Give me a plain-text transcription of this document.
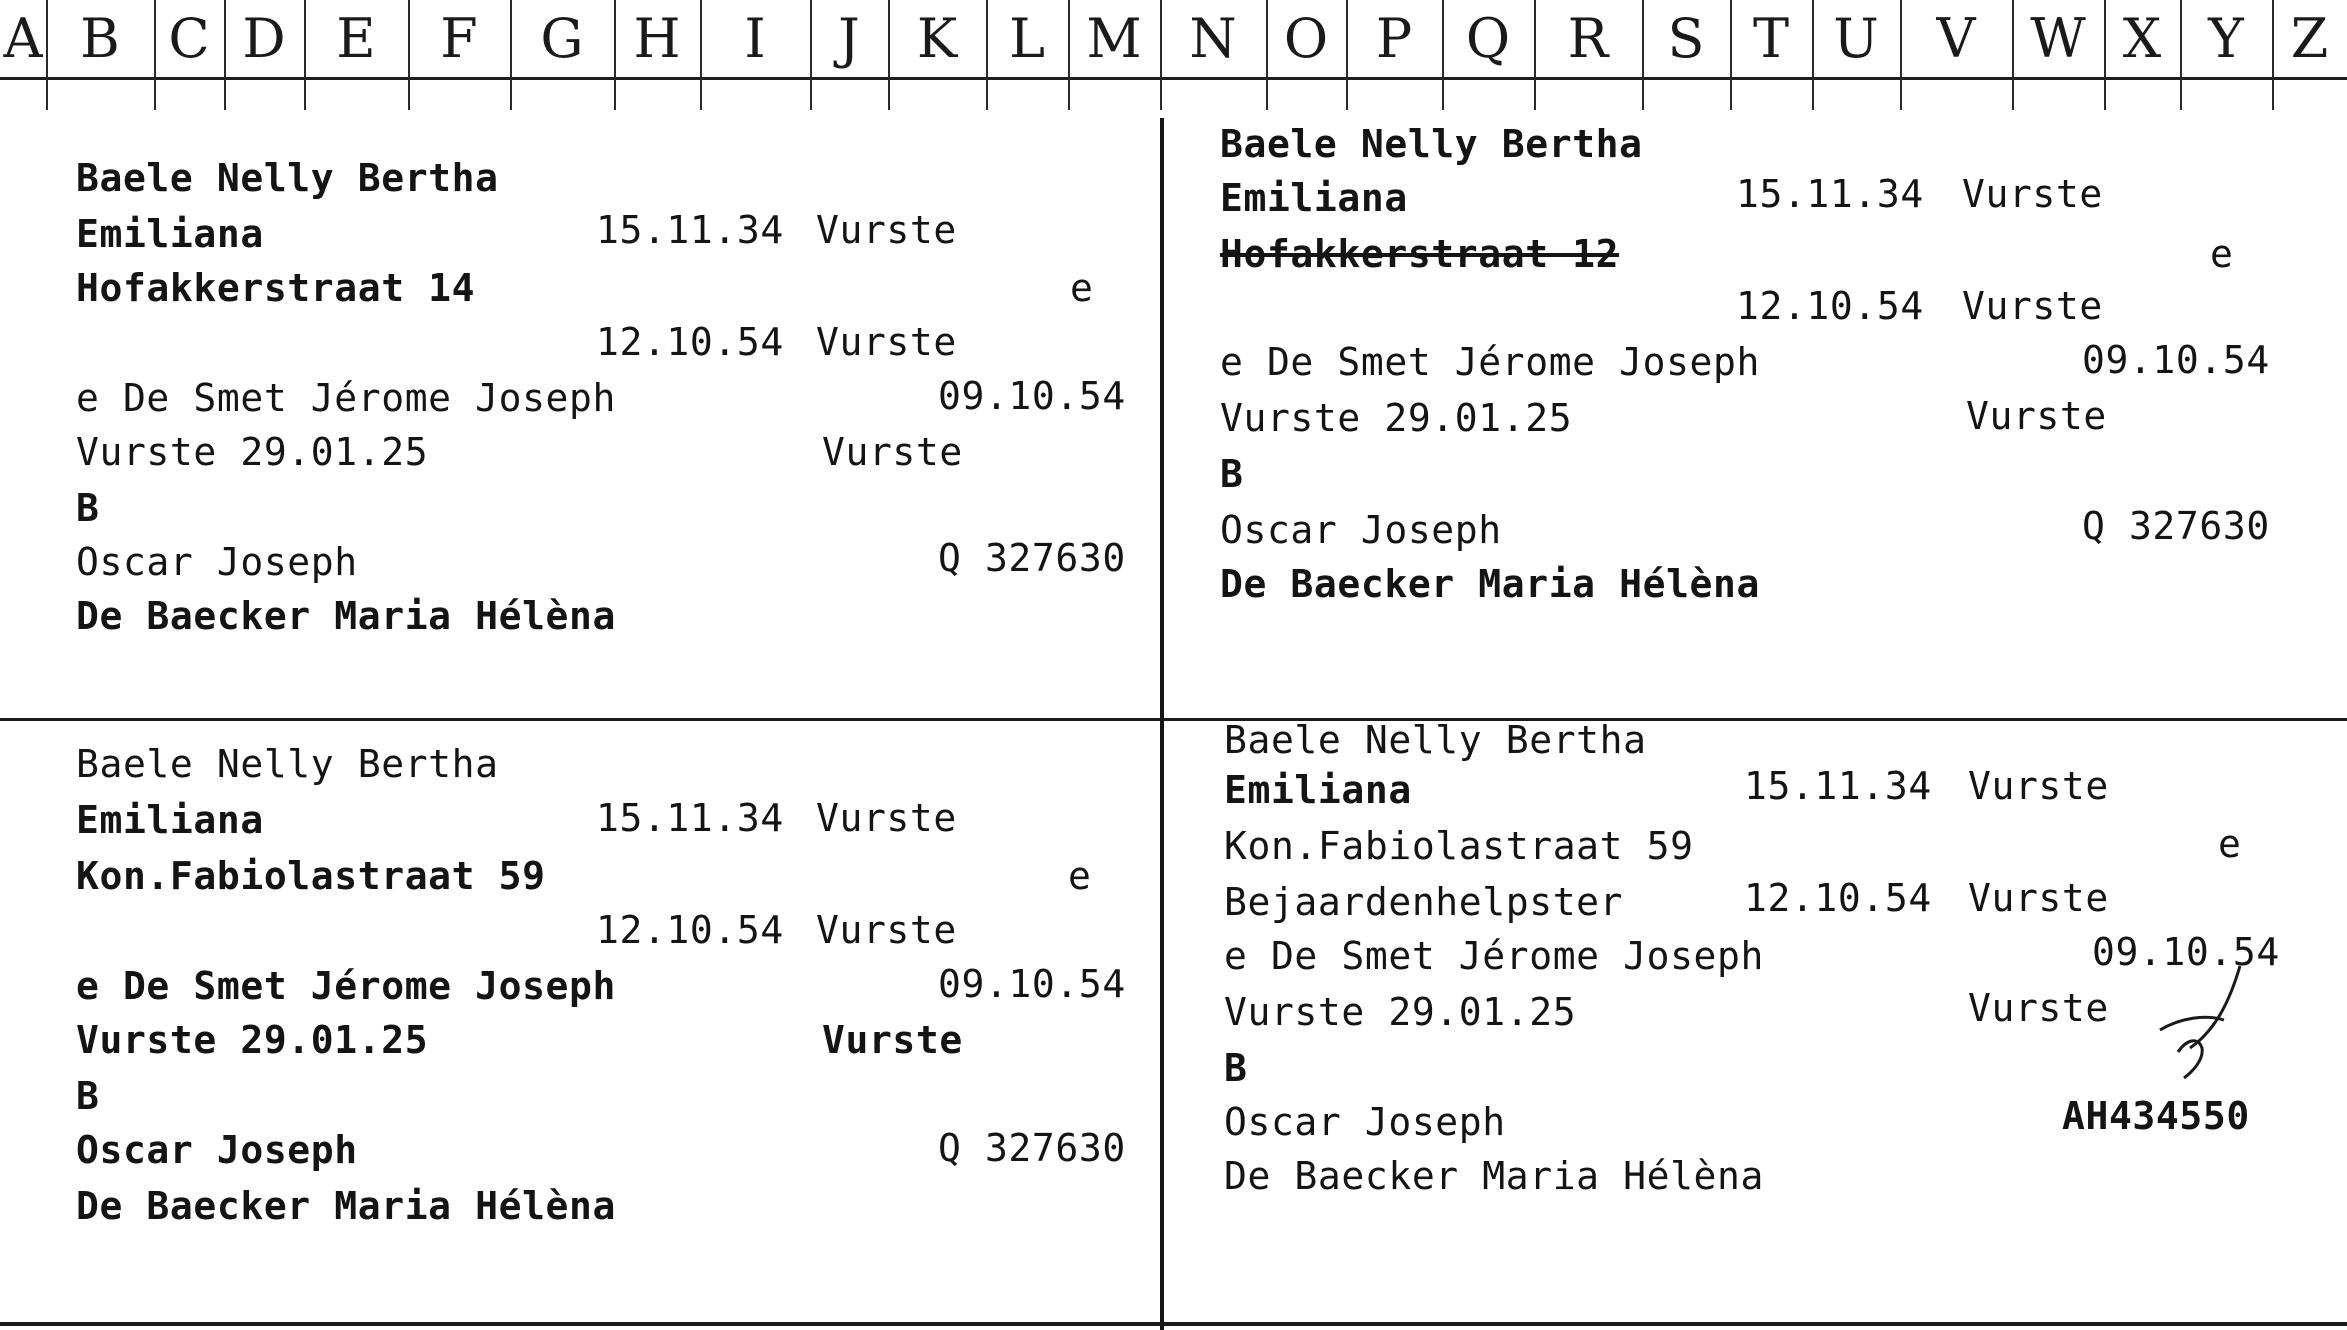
A B C D E	F	G H	I	J	K L M N O P Q	R	S T U	V	W X Y Z
Baele Nelly Bertha
Emiliana	15.11.34 Vurste
Hofakkerstraat 14	e
12.10.54 Vurste
e De Smet Jérome Joseph	09.10.54
Vurste 29.01.25	Vurste
B
Oscar Joseph	Q 327630
De Baecker Maria Hélèna
Baele Nelly Bertha
Emiliana	15.11.34 Vurste
Hofakkerstraat 12	e
12.10.54 Vurste
e De Smet Jérome Joseph	09.10.54
Vurste 29.01.25	Vurste
B
Oscar Joseph	Q 327630
De Baecker Maria Hélèna
Baele Nelly Bertha
Emiliana	15.11.34 Vurste
Kon.Fabiolastraat 59	e
12.10.54 Vurste
e De Smet Jérome Joseph	09.10.54
Vurste 29.01.25	Vurste
B
Oscar Joseph	Q 327630
De Baecker Maria Hélèna
Baele Nelly Bertha
Emiliana	15.11.34 Vurste
Kon.Fabiolastraat 59	e
Bejaardenhelpster	12.10.54 Vurste
e De Smet Jérome Joseph	09.10.54
Vurste 29.01.25	Vurste
B
Oscar Joseph	AH434550
De Baecker Maria Hélèna
